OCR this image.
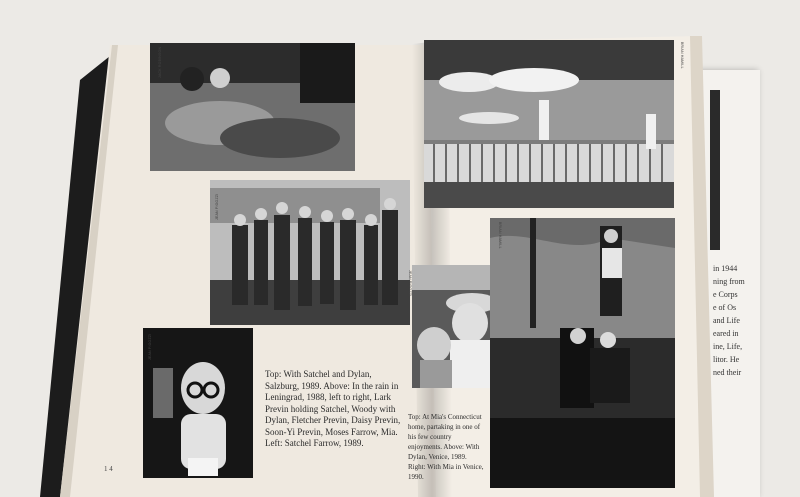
in 1944
ning from
e Corps
e of Os
and Life
eared in
ine, Life,
litor. He
ned their
Top: With Satchel and Dylan, Salzburg, 1989. Above: In the rain in Leningrad, 1988, left to right, Lark Previn holding Satchel, Woody with Dylan, Fletcher Previn, Daisy Previn, Soon-Yi Previn, Moses Farrow, Mia. Left: Satchel Farrow, 1989.
1 4
Top: At Mia's Connecticut home, partaking in one of his few country enjoyments. Above: With Dylan, Venice, 1989. Right: With Mia in Venice, 1990.
JACK ROBINSON
JEAN PIGOZZI
JEAN PIGOZZI
BRIAN HAMILL
BRIAN HAMILL
JEAN PIGOZZI
